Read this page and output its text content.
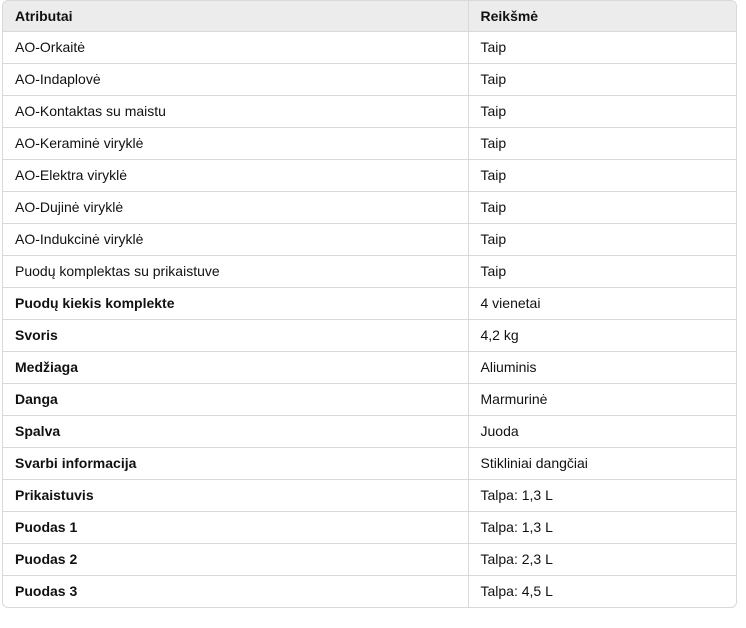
Atributai	Reikšmė
AO-Orkaitė	Taip
AO-Indaplovė	Taip
AO-Kontaktas su maistu	Taip
AO-Keraminė viryklė	Taip
AO-Elektra viryklė	Taip
AO-Dujinė viryklė	Taip
AO-Indukcinė viryklė	Taip
Puodų komplektas su prikaistuve	Taip
Puodų kiekis komplekte	4 vienetai
Svoris	4,2 kg
Medžiaga	Aliuminis
Danga	Marmurinė
Spalva	Juoda
Svarbi informacija	Stikliniai dangčiai
Prikaistuvis	Talpa: 1,3 L
Puodas 1	Talpa: 1,3 L
Puodas 2	Talpa: 2,3 L
Puodas 3	Talpa: 4,5 L
